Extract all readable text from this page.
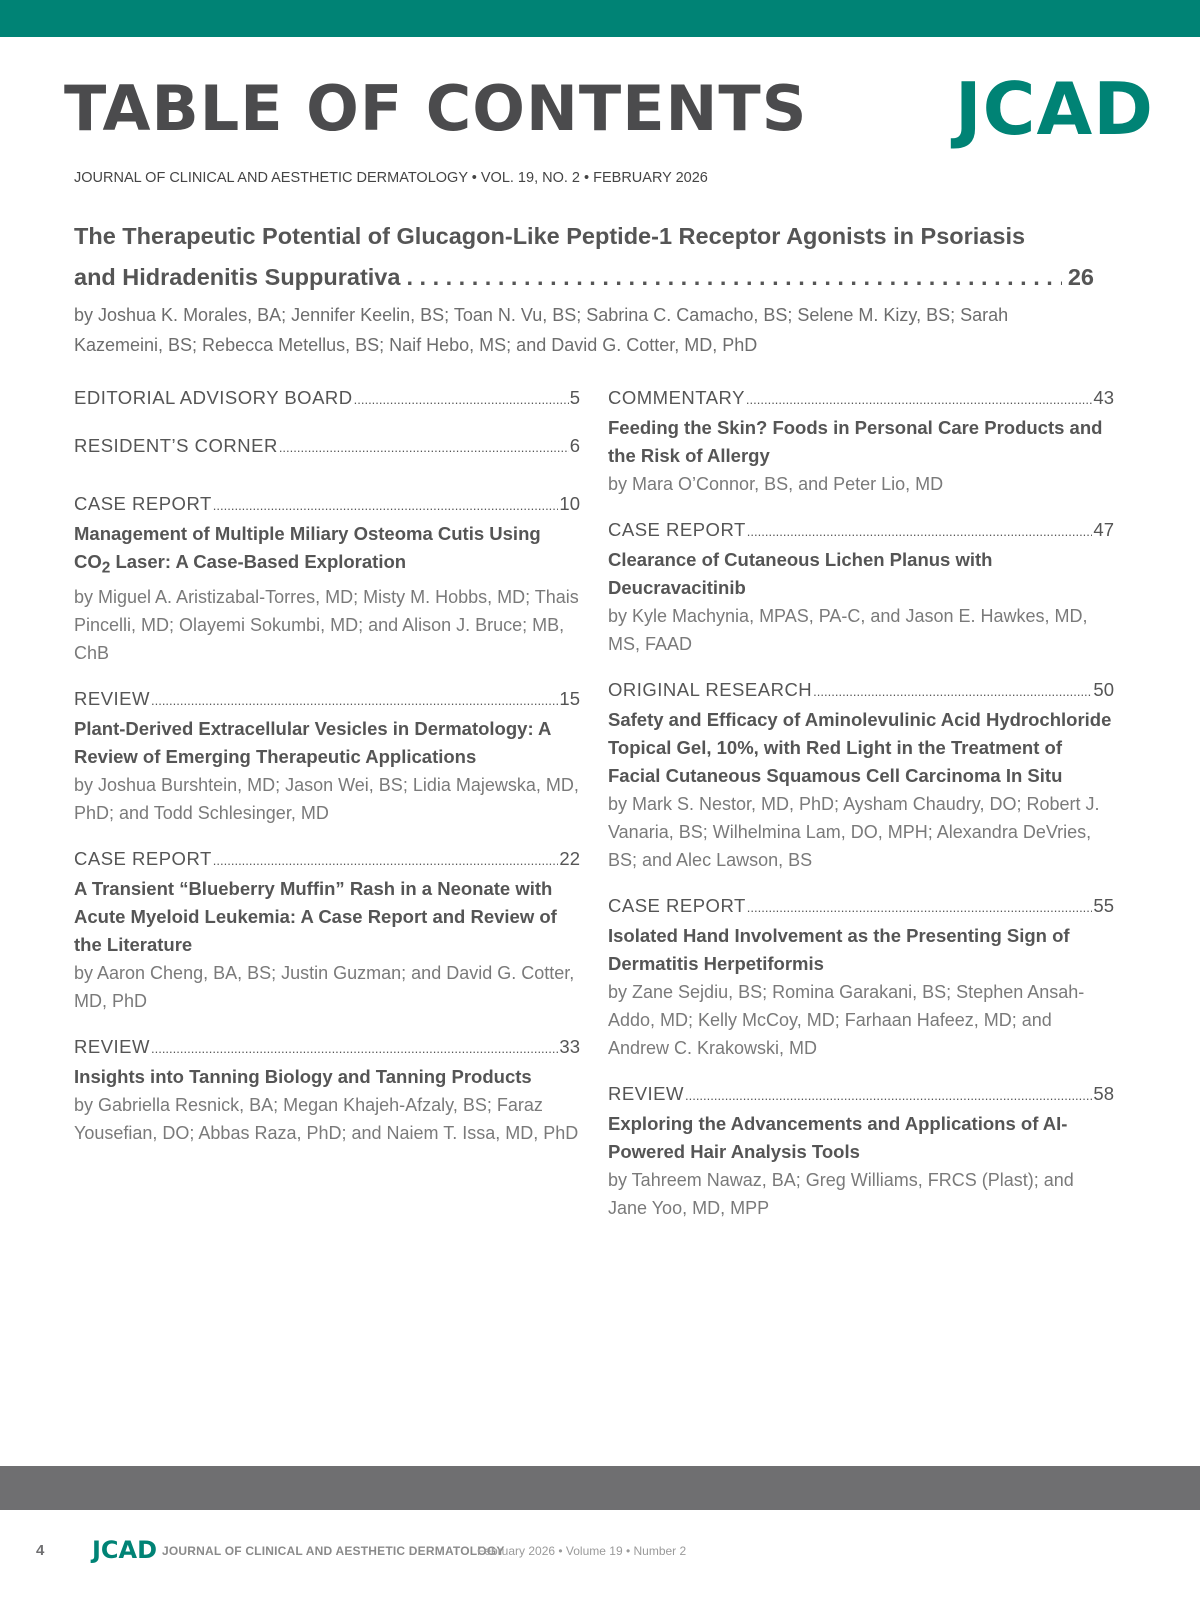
TABLE OF CONTENTS JCAD
JOURNAL OF CLINICAL AND AESTHETIC DERMATOLOGY • VOL. 19, NO. 2 • FEBRUARY 2026
The Therapeutic Potential of Glucagon-Like Peptide-1 Receptor Agonists in Psoriasis
and Hidradenitis Suppurativa . . .	26
by Joshua K. Morales, BA; Jennifer Keelin, BS; Toan N. Vu, BS; Sabrina C. Camacho, BS; Selene M. Kizy, BS; Sarah Kazemeini, BS; Rebecca Metellus, BS; Naif Hebo, MS; and David G. Cotter, MD, PhD
EDITORIAL ADVISORY BOARD .....	5
RESIDENT’S CORNER .....	6
CASE REPORT .....	10
Management of Multiple Miliary Osteoma Cutis Using $CO_2$ Laser: A Case-Based Exploration
by Miguel A. Aristizabal-Torres, MD; Misty M. Hobbs, MD; Thais Pincelli, MD; Olayemi Sokumbi, MD; and Alison J. Bruce; MB, ChB
REVIEW .....	15
Plant-Derived Extracellular Vesicles in Dermatology: A Review of Emerging Therapeutic Applications
by Joshua Burshtein, MD; Jason Wei, BS; Lidia Majewska, MD, PhD; and Todd Schlesinger, MD
CASE REPORT .....	22
A Transient “Blueberry Muffin” Rash in a Neonate with Acute Myeloid Leukemia: A Case Report and Review of the Literature
by Aaron Cheng, BA, BS; Justin Guzman; and David G. Cotter, MD, PhD
REVIEW .....	33
Insights into Tanning Biology and Tanning Products
by Gabriella Resnick, BA; Megan Khajeh-Afzaly, BS; Faraz Yousefian, DO; Abbas Raza, PhD; and Naiem T. Issa, MD, PhD
COMMENTARY .....	43
Feeding the Skin? Foods in Personal Care Products and the Risk of Allergy
by Mara O’Connor, BS, and Peter Lio, MD
CASE REPORT .....	47
Clearance of Cutaneous Lichen Planus with Deucravacitinib
by Kyle Machynia, MPAS, PA-C, and Jason E. Hawkes, MD, MS, FAAD
ORIGINAL RESEARCH .....	50
Safety and Efficacy of Aminolevulinic Acid Hydrochloride Topical Gel, 10%, with Red Light in the Treatment of Facial Cutaneous Squamous Cell Carcinoma In Situ
by Mark S. Nestor, MD, PhD; Aysham Chaudry, DO; Robert J. Vanaria, BS; Wilhelmina Lam, DO, MPH; Alexandra DeVries, BS; and Alec Lawson, BS
CASE REPORT .....	55
Isolated Hand Involvement as the Presenting Sign of Dermatitis Herpetiformis
by Zane Sejdiu, BS; Romina Garakani, BS; Stephen Ansah-Addo, MD; Kelly McCoy, MD; Farhaan Hafeez, MD; and Andrew C. Krakowski, MD
REVIEW .....	58
Exploring the Advancements and Applications of AI-Powered Hair Analysis Tools
by Tahreem Nawaz, BA; Greg Williams, FRCS (Plast); and Jane Yoo, MD, MPP
4 JCAD JOURNAL OF CLINICAL AND AESTHETIC DERMATOLOGY
February 2026 • Volume 19 • Number 2
